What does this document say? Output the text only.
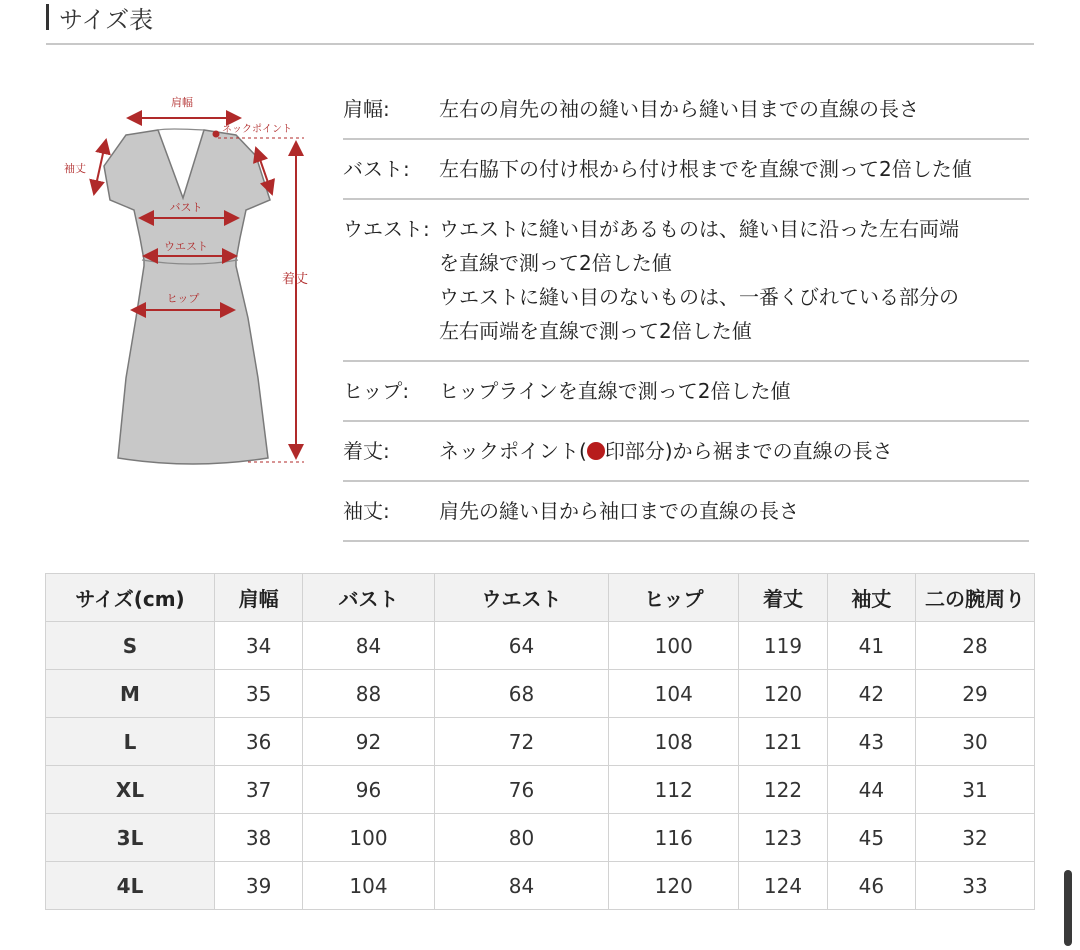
サイズ表
肩幅
ネックポイント
袖丈
バスト
ウエスト
ヒップ
着丈
肩幅:	左右の肩先の袖の縫い目から縫い目までの直線の長さ
バスト:	左右脇下の付け根から付け根までを直線で測って2倍した値
ウエスト: ウエストに縫い目があるものは、縫い目に沿った左右両端
を直線で測って2倍した値
ウエストに縫い目のないものは、一番くびれている部分の
左右両端を直線で測って2倍した値
ヒップ:	ヒップラインを直線で測って2倍した値
着丈:	ネックポイント( 印部分)から裾までの直線の長さ
袖丈:	肩先の縫い目から袖口までの直線の長さ
サイズ(cm)	肩幅	バスト	ウエスト	ヒップ	着丈	袖丈	二の腕周り
S	34	84	64	100	119	41	28
M	35	88	68	104	120	42	29
L	36	92	72	108	121	43	30
XL	37	96	76	112	122	44	31
3L	38	100	80	116	123	45	32
4L	39	104	84	120	124	46	33
